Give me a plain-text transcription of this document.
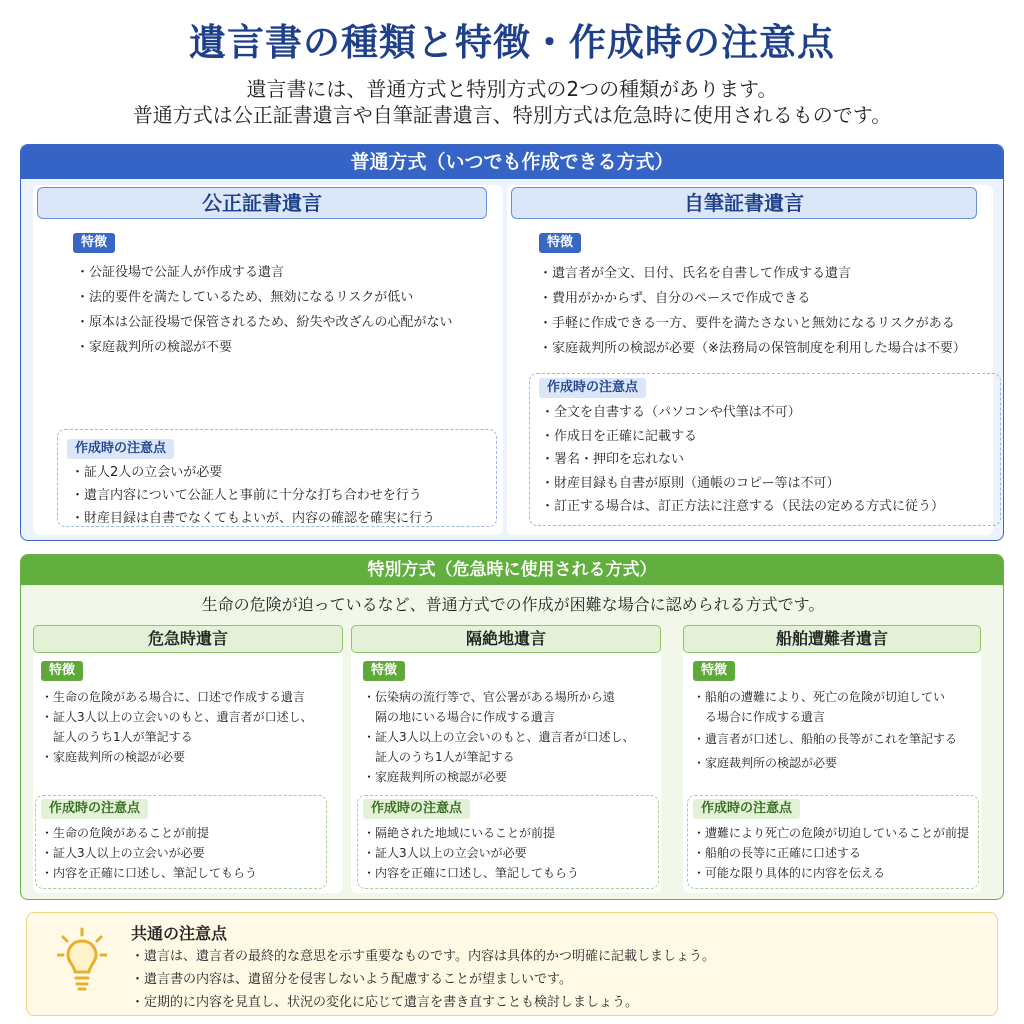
遺言書の種類と特徴・作成時の注意点
遺言書には、普通方式と特別方式の2つの種類があります。
普通方式は公正証書遺言や自筆証書遺言、特別方式は危急時に使用されるものです。
普通方式（いつでも作成できる方式）
公正証書遺言
特徴
・公証役場で公証人が作成する遺言
・法的要件を満たしているため、無効になるリスクが低い
・原本は公証役場で保管されるため、紛失や改ざんの心配がない
・家庭裁判所の検認が不要
作成時の注意点
・証人2人の立会いが必要
・遺言内容について公証人と事前に十分な打ち合わせを行う
・財産目録は自書でなくてもよいが、内容の確認を確実に行う
自筆証書遺言
特徴
・遺言者が全文、日付、氏名を自書して作成する遺言
・費用がかからず、自分のペースで作成できる
・手軽に作成できる一方、要件を満たさないと無効になるリスクがある
・家庭裁判所の検認が必要（※法務局の保管制度を利用した場合は不要）
作成時の注意点
・全文を自書する（パソコンや代筆は不可）
・作成日を正確に記載する
・署名・押印を忘れない
・財産目録も自書が原則（通帳のコピー等は不可）
・訂正する場合は、訂正方法に注意する（民法の定める方式に従う）
特別方式（危急時に使用される方式）
生命の危険が迫っているなど、普通方式での作成が困難な場合に認められる方式です。
危急時遺言
特徴
・生命の危険がある場合に、口述で作成する遺言
・証人3人以上の立会いのもと、遺言者が口述し、
　証人のうち1人が筆記する
・家庭裁判所の検認が必要
作成時の注意点
・生命の危険があることが前提
・証人3人以上の立会いが必要
・内容を正確に口述し、筆記してもらう
隔絶地遺言
特徴
・伝染病の流行等で、官公署がある場所から遠
　隔の地にいる場合に作成する遺言
・証人3人以上の立会いのもと、遺言者が口述し、
　証人のうち1人が筆記する
・家庭裁判所の検認が必要
作成時の注意点
・隔絶された地域にいることが前提
・証人3人以上の立会いが必要
・内容を正確に口述し、筆記してもらう
船舶遭難者遺言
特徴
・船舶の遭難により、死亡の危険が切迫してい
　る場合に作成する遺言
・遺言者が口述し、船舶の長等がこれを筆記する
・家庭裁判所の検認が必要
作成時の注意点
・遭難により死亡の危険が切迫していることが前提
・船舶の長等に正確に口述する
・可能な限り具体的に内容を伝える
共通の注意点
・遺言は、遺言者の最終的な意思を示す重要なものです。内容は具体的かつ明確に記載しましょう。
・遺言書の内容は、遺留分を侵害しないよう配慮することが望ましいです。
・定期的に内容を見直し、状況の変化に応じて遺言を書き直すことも検討しましょう。
